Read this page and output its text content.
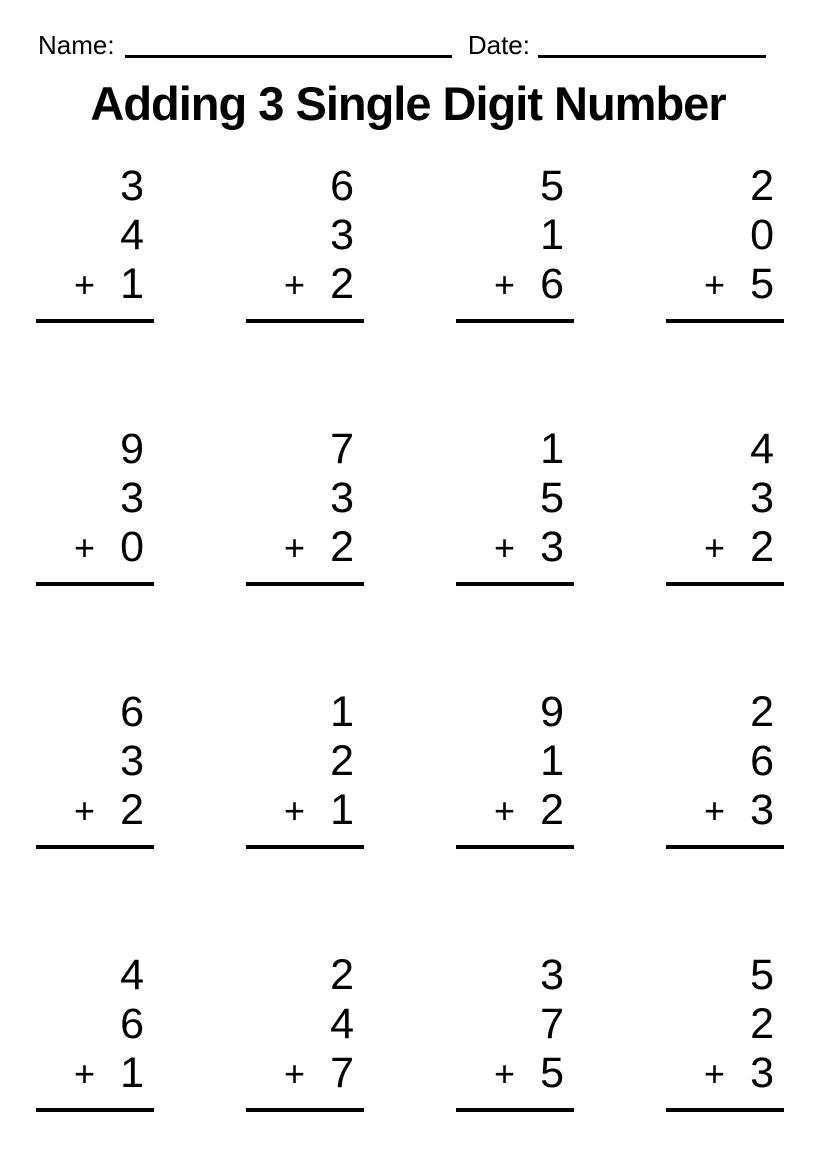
Name:	Date:
Adding 3 Single Digit Number
3
4
+ 1
6
3
+ 2
5
1
+ 6
2
0
+ 5
9
3
+ 0
7
3
+ 2
1
5
+ 3
4
3
+ 2
6
3
+ 2
1
2
+ 1
9
1
+ 2
2
6
+ 3
4
6
+ 1
2
4
+ 7
3
7
+ 5
5
2
+ 3
